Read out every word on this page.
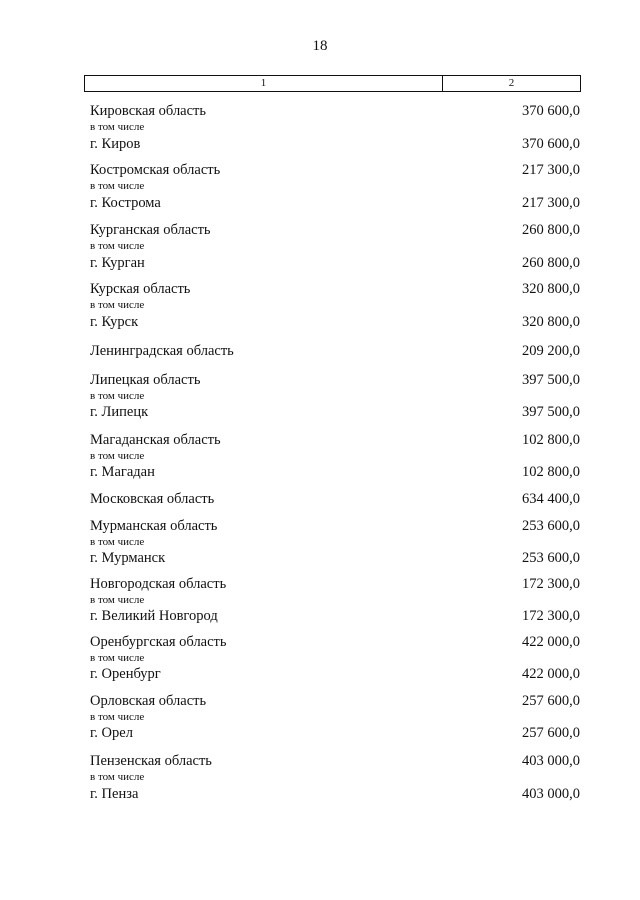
18
1	2
Кировская область	370 600,0
в том числе
г. Киров	370 600,0
Костромская область	217 300,0
в том числе
г. Кострома	217 300,0
Курганская область	260 800,0
в том числе
г. Курган	260 800,0
Курская область	320 800,0
в том числе
г. Курск	320 800,0
Ленинградская область	209 200,0
Липецкая область	397 500,0
в том числе
г. Липецк	397 500,0
Магаданская область	102 800,0
в том числе
г. Магадан	102 800,0
Московская область	634 400,0
Мурманская область	253 600,0
в том числе
г. Мурманск	253 600,0
Новгородская область	172 300,0
в том числе
г. Великий Новгород	172 300,0
Оренбургская область	422 000,0
в том числе
г. Оренбург	422 000,0
Орловская область	257 600,0
в том числе
г. Орел	257 600,0
Пензенская область	403 000,0
в том числе
г. Пенза	403 000,0
